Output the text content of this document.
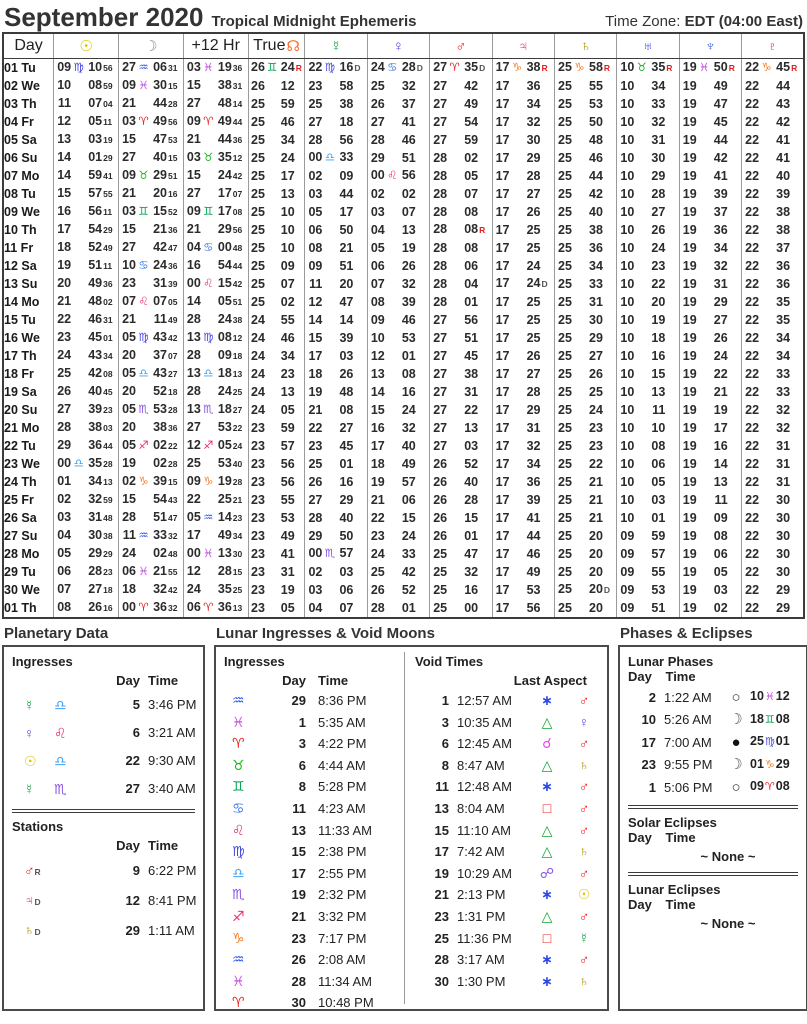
September 2020 Tropical Midnight Ephemeris	Time Zone: EDT (04:00 East)
Day	☉	☽	+12 Hr	True ☊	☿	♀	♂	♃	♄	♅	♆	♇

01 Tu	09 ♍ 10 56	27 ♒ 06 31	03 ♓ 19 36	26 ♊ 24 R	22 ♍ 16 D	24 ♋ 28 D	27 ♈ 35 D	17 ♑ 38 R	25 ♑ 58 R	10 ♉ 35 R	19 ♓ 50 R	22 ♑ 45 R

02 We	10 08 59	09 ♓ 30 15	15 38 31	26 12	23 58	25 32	27 42	17 36	25 55	10 34	19 49	22 44

03 Th	11 07 04	21 44 28	27 48 14	25 59	25 38	26 37	27 49	17 34	25 53	10 33	19 47	22 43

04 Fr	12 05 11	03 ♈ 49 56	09 ♈ 49 44	25 46	27 18	27 41	27 54	17 32	25 50	10 32	19 45	22 42

05 Sa	13 03 19	15 47 53	21 44 36	25 34	28 56	28 46	27 59	17 30	25 48	10 31	19 44	22 41

06 Su	14 01 29	27 40 15	03 ♉ 35 12	25 24	00 ♎ 33	29 51	28 02	17 29	25 46	10 30	19 42	22 41

07 Mo	14 59 41	09 ♉ 29 51	15 24 42	25 17	02 09	00 ♌ 56	28 05	17 28	25 44	10 29	19 41	22 40

08 Tu	15 57 55	21 20 16	27 17 07	25 13	03 44	02 02	28 07	17 27	25 42	10 28	19 39	22 39

09 We	16 56 11	03 ♊ 15 52	09 ♊ 17 08	25 10	05 17	03 07	28 08	17 26	25 40	10 27	19 37	22 38

10 Th	17 54 29	15 21 36	21 29 56	25 10	06 50	04 13	28 08 R	17 25	25 38	10 26	19 36	22 38

11 Fr	18 52 49	27 42 47	04 ♋ 00 48	25 10	08 21	05 19	28 08	17 25	25 36	10 24	19 34	22 37

12 Sa	19 51 11	10 ♋ 24 36	16 54 44	25 09	09 51	06 26	28 06	17 24	25 34	10 23	19 32	22 36

13 Su	20 49 36	23 31 39	00 ♌ 15 42	25 07	11 20	07 32	28 04	17 24 D	25 33	10 22	19 31	22 36

14 Mo	21 48 02	07 ♌ 07 05	14 05 51	25 02	12 47	08 39	28 01	17 25	25 31	10 20	19 29	22 35

15 Tu	22 46 31	21 11 49	28 24 38	24 55	14 14	09 46	27 56	17 25	25 30	10 19	19 27	22 35

16 We	23 45 01	05 ♍ 43 42	13 ♍ 08 12	24 46	15 39	10 53	27 51	17 25	25 29	10 18	19 26	22 34

17 Th	24 43 34	20 37 07	28 09 18	24 34	17 03	12 01	27 45	17 26	25 27	10 16	19 24	22 34

18 Fr	25 42 08	05 ♎ 43 27	13 ♎ 18 13	24 23	18 26	13 08	27 38	17 27	25 26	10 15	19 22	22 33

19 Sa	26 40 45	20 52 18	28 24 25	24 13	19 48	14 16	27 31	17 28	25 25	10 13	19 21	22 33

20 Su	27 39 23	05 ♏ 53 28	13 ♏ 18 27	24 05	21 08	15 24	27 22	17 29	25 24	10 11	19 19	22 32

21 Mo	28 38 03	20 38 36	27 53 22	23 59	22 27	16 32	27 13	17 31	25 23	10 10	19 17	22 32

22 Tu	29 36 44	05 ♐ 02 22	12 ♐ 05 24	23 57	23 45	17 40	27 03	17 32	25 23	10 08	19 16	22 31

23 We	00 ♎ 35 28	19 02 28	25 53 40	23 56	25 01	18 49	26 52	17 34	25 22	10 06	19 14	22 31

24 Th	01 34 13	02 ♑ 39 15	09 ♑ 19 28	23 56	26 16	19 57	26 40	17 36	25 21	10 05	19 13	22 31

25 Fr	02 32 59	15 54 43	22 25 21	23 55	27 29	21 06	26 28	17 39	25 21	10 03	19 11	22 30

26 Sa	03 31 48	28 51 47	05 ♒ 14 23	23 53	28 40	22 15	26 15	17 41	25 21	10 01	19 09	22 30

27 Su	04 30 38	11 ♒ 33 32	17 49 34	23 49	29 50	23 24	26 01	17 44	25 20	09 59	19 08	22 30

28 Mo	05 29 29	24 02 48	00 ♓ 13 30	23 41	00 ♏ 57	24 33	25 47	17 46	25 20	09 57	19 06	22 30

29 Tu	06 28 23	06 ♓ 21 55	12 28 15	23 31	02 03	25 42	25 32	17 49	25 20	09 55	19 05	22 30

30 We	07 27 18	18 32 42	24 35 25	23 19	03 06	26 52	25 16	17 53	25 20 D	09 53	19 03	22 29

01 Th	08 26 16	00 ♈ 36 32	06 ♈ 36 13	23 05	04 07	28 01	25 00	17 56	25 20	09 51	19 02	22 29
Planetary Data
Ingresses
Day Time
☿	♎	5 3:46 PM
♀	♌	6 3:21 AM
☉	♎	22 9:30 AM
☿	♏	27 3:40 AM
Stations
Day Time
♂R	9 6:22 PM
♃D	12 8:41 PM
♄D	29 1:11 AM
Lunar Ingresses & Void Moons
Ingresses
Day Time
♒	29 8:36 PM
♓	1 5:35 AM
♈	3 4:22 PM
♉	6 4:44 AM
♊	8 5:28 PM
♋	11 4:23 AM
♌	13 11:33 AM
♍	15 2:38 PM
♎	17 2:55 PM
♏	19 2:32 PM
♐	21 3:32 PM
♑	23 7:17 PM
♒	26 2:08 AM
♓	28 11:34 AM
♈	30 10:48 PM
Void Times
Last Aspect
1 12:57 AM	∗	♂
3 10:35 AM	△	♀
6 12:45 AM	☌	♂
8 8:47 AM	△	♄
11 12:48 AM	∗	♂
13 8:04 AM	□	♂
15 11:10 AM	△	♂
17 7:42 AM	△	♄
19 10:29 AM	☍	♂
21 2:13 PM	∗	☉
23 1:31 PM	△	♂
25 11:36 PM	□	☿
28 3:17 AM	∗	♂
30 1:30 PM	∗	♄
Phases & Eclipses
Lunar Phases
Day Time
2 1:22 AM	○ 10 ♓ 12
10 5:26 AM	☽ 18 ♊ 08
17 7:00 AM	● 25 ♍ 01
23 9:55 PM	☽ 01 ♑ 29
1 5:06 PM	○ 09 ♈ 08
Solar Eclipses
Day Time
~ None ~
Lunar Eclipses
Day Time
~ None ~
